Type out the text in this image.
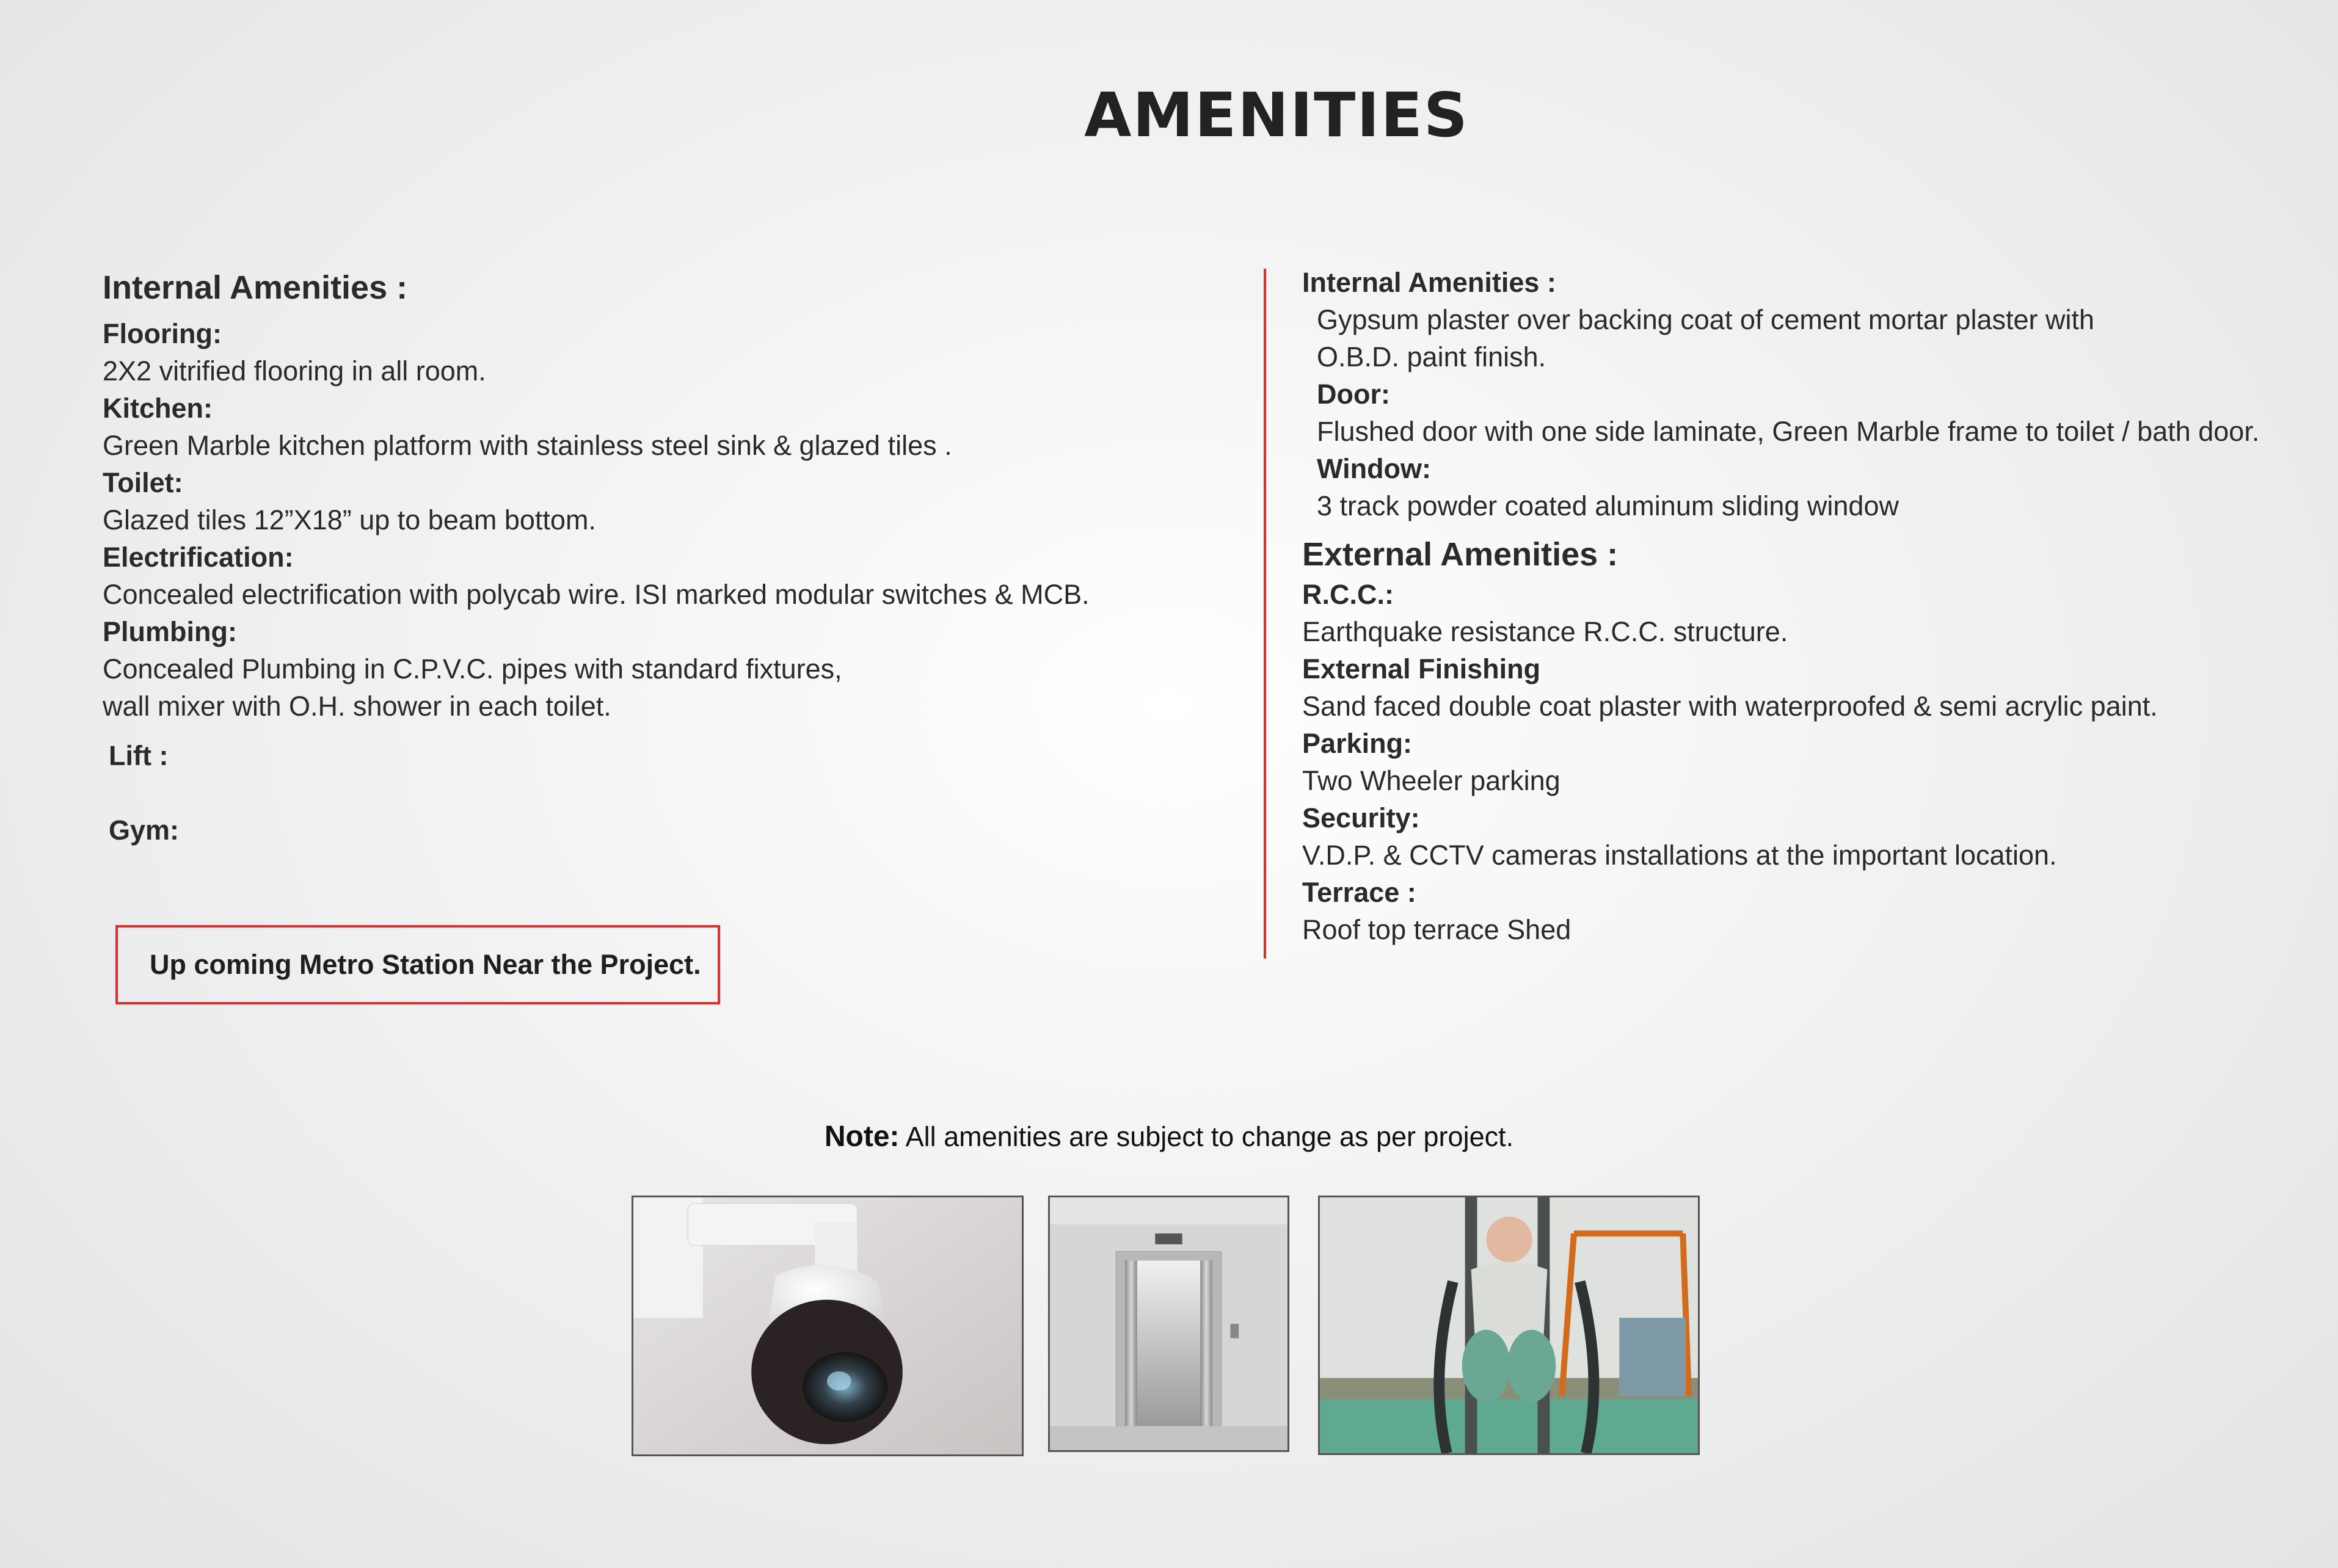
AMENITIES

Internal Amenities :

Flooring:

2X2 vitrified flooring in all room.

Kitchen:

Green Marble kitchen platform with stainless steel sink & glazed tiles .

Toilet:

Glazed tiles 12”X18” up to beam bottom.

Electrification:

Concealed electrification with polycab wire. ISI marked modular switches & MCB.

Plumbing:

Concealed Plumbing in C.P.V.C. pipes with standard fixtures,

wall mixer with O.H. shower in each toilet.

Lift :

Gym:

Up coming Metro Station Near the Project.

Internal Amenities :

Gypsum plaster over backing coat of cement mortar plaster with

O.B.D. paint finish.

Door:

Flushed door with one side laminate, Green Marble frame to toilet / bath door.

Window:

3 track powder coated aluminum sliding window

External Amenities :

R.C.C.:

Earthquake resistance R.C.C. structure.

External Finishing

Sand faced double coat plaster with waterproofed & semi acrylic paint.

Parking:

Two Wheeler parking

Security:

V.D.P. & CCTV cameras installations at the important location.

Terrace :

Roof top terrace Shed

Note: All amenities are subject to change as per project.
